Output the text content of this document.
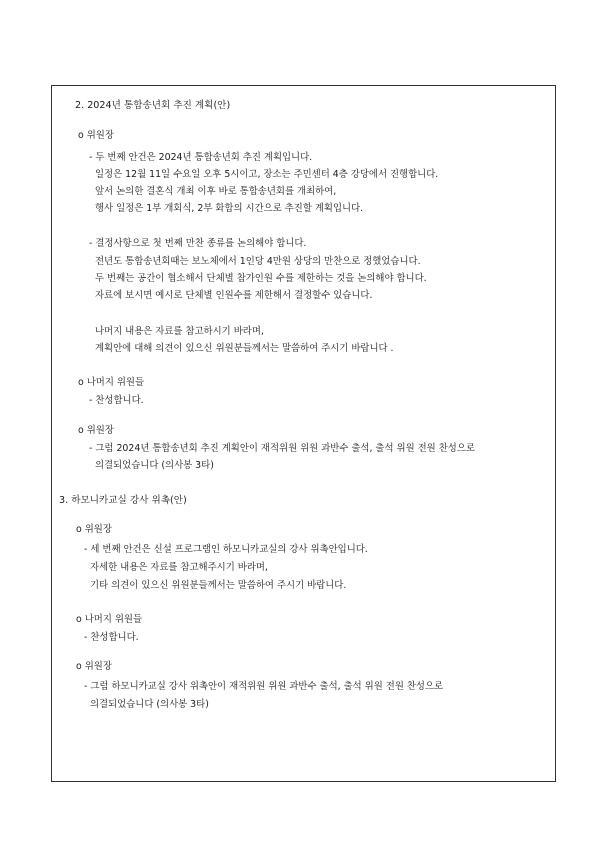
2. 2024년 통합송년회 추진 계획(안)
o 위원장
- 두 번째 안건은 2024년 통합송년회 추진 계획입니다.
일정은 12월 11일 수요일 오후 5시이고, 장소는 주민센터 4층 강당에서 진행합니다.
앞서 논의한 결혼식 개최 이후 바로 통합송년회를 개최하여,
행사 일정은 1부 개회식, 2부 화합의 시간으로 추진할 계획입니다.
- 결정사항으로 첫 번째 만찬 종류를 논의해야 합니다.
전년도 통합송년회때는 보노체에서 1인당 4만원 상당의 만찬으로 정했었습니다.
두 번째는 공간이 협소해서 단체별 참가인원 수를 제한하는 것을 논의해야 합니다.
자료에 보시면 예시로 단체별 인원수를 제한해서 결정할수 있습니다.
나머지 내용은 자료를 참고하시기 바라며,
계획안에 대해 의견이 있으신 위원분들께서는 말씀하여 주시기 바랍니다 .
o 나머지 위원들
- 찬성합니다.
o 위원장
- 그럼 2024년 통합송년회 추진 계획안이 재적위원 위원 과반수 출석, 출석 위원 전원 찬성으로
의결되었습니다 (의사봉 3타)
3. 하모니카교실 강사 위촉(안)
o 위원장
- 세 번째 안건은 신설 프로그램인 하모니카교실의 강사 위촉안입니다.
자세한 내용은 자료를 참고해주시기 바라며,
기타 의견이 있으신 위원분들께서는 말씀하여 주시기 바랍니다.
o 나머지 위원들
- 찬성합니다.
o 위원장
- 그럼 하모니카교실 강사 위촉안이 재적위원 위원 과반수 출석, 출석 위원 전원 찬성으로
의결되었습니다 (의사봉 3타)
